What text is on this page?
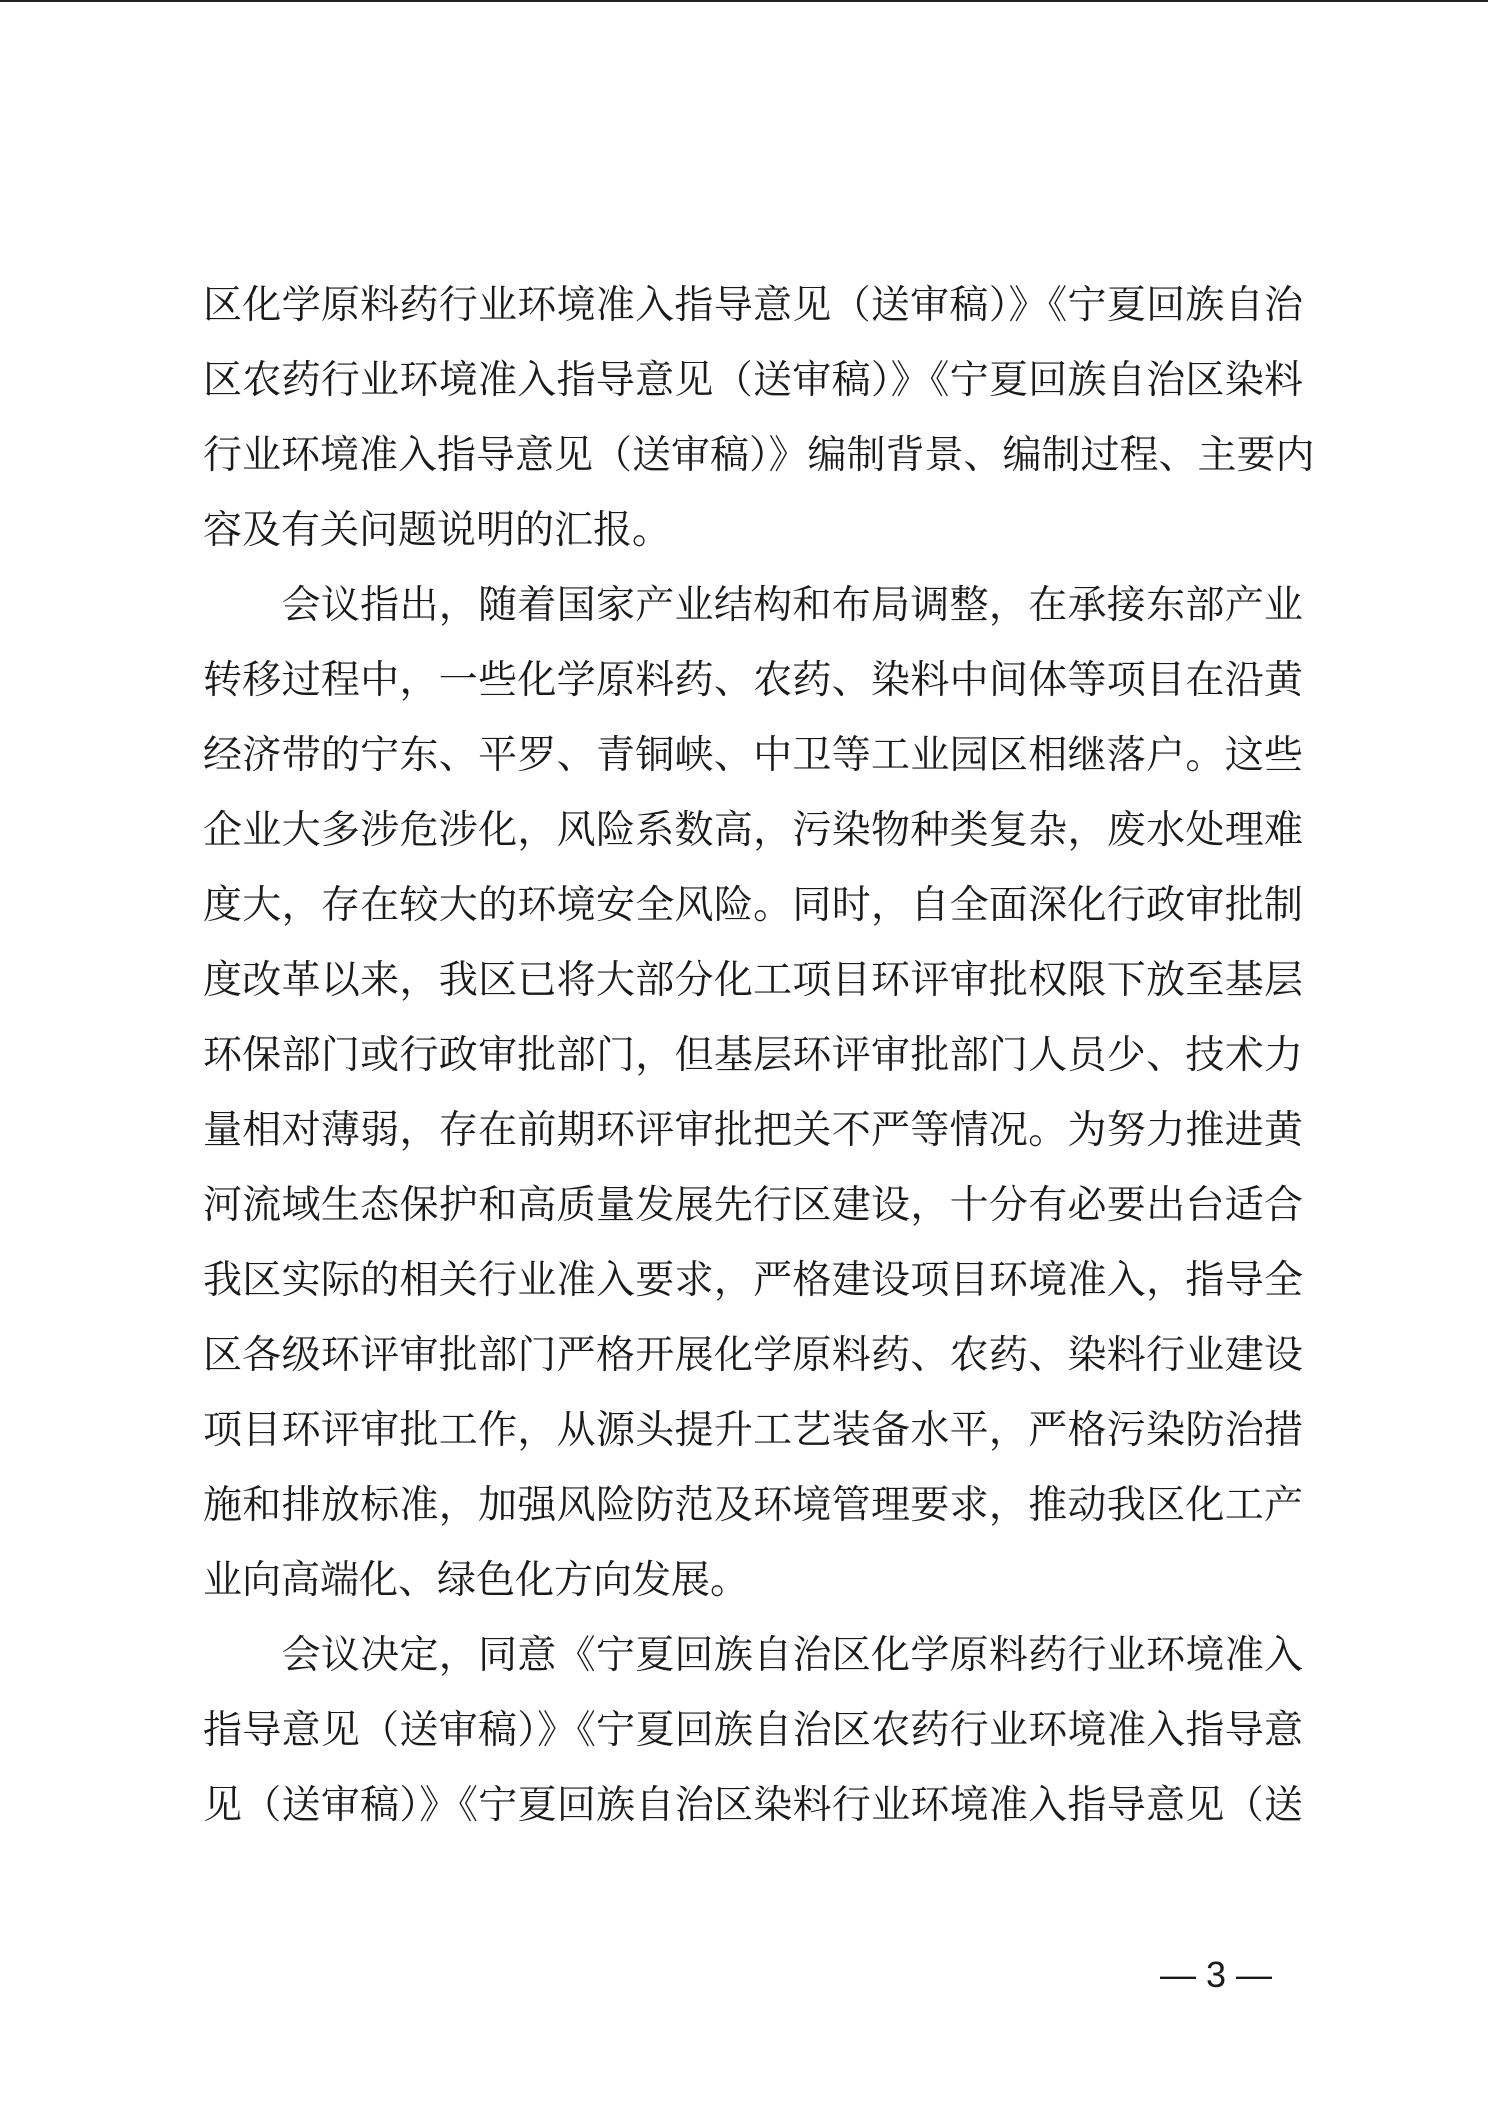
区化学原料药行业环境准入指导意见（送审稿）》《宁夏回族自治
区农药行业环境准入指导意见（送审稿）》《宁夏回族自治区染料
行业环境准入指导意见（送审稿）》编制背景、编制过程、主要内
容及有关问题说明的汇报。
　　会议指出，随着国家产业结构和布局调整，在承接东部产业
转移过程中，一些化学原料药、农药、染料中间体等项目在沿黄
经济带的宁东、平罗、青铜峡、中卫等工业园区相继落户。这些
企业大多涉危涉化，风险系数高，污染物种类复杂，废水处理难
度大，存在较大的环境安全风险。同时，自全面深化行政审批制
度改革以来，我区已将大部分化工项目环评审批权限下放至基层
环保部门或行政审批部门，但基层环评审批部门人员少、技术力
量相对薄弱，存在前期环评审批把关不严等情况。为努力推进黄
河流域生态保护和高质量发展先行区建设，十分有必要出台适合
我区实际的相关行业准入要求，严格建设项目环境准入，指导全
区各级环评审批部门严格开展化学原料药、农药、染料行业建设
项目环评审批工作，从源头提升工艺装备水平，严格污染防治措
施和排放标准，加强风险防范及环境管理要求，推动我区化工产
业向高端化、绿色化方向发展。
　　会议决定，同意《宁夏回族自治区化学原料药行业环境准入
指导意见（送审稿）》《宁夏回族自治区农药行业环境准入指导意
见（送审稿）》《宁夏回族自治区染料行业环境准入指导意见（送
— 3 —
